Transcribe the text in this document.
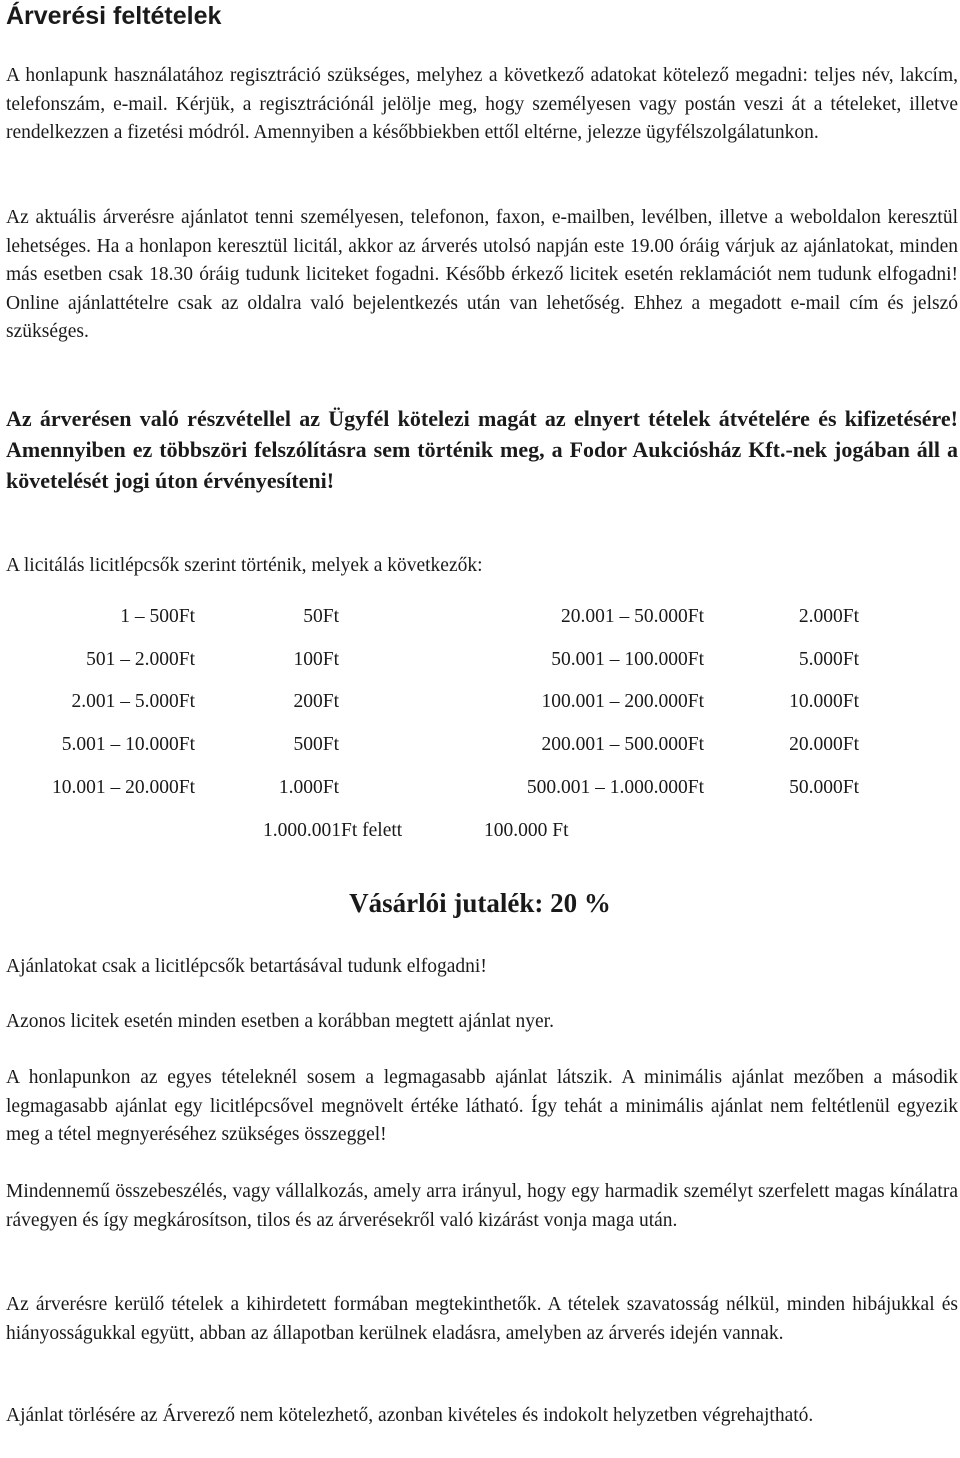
Árverési feltételek

A honlapunk használatához regisztráció szükséges, melyhez a következő adatokat kötelező megadni: teljes név, lakcím, telefonszám, e-mail. Kérjük, a regisztrációnál jelölje meg, hogy személyesen vagy postán veszi át a tételeket, illetve rendelkezzen a fizetési módról. Amennyiben a későbbiekben ettől eltérne, jelezze ügyfélszolgálatunkon.

Az aktuális árverésre ajánlatot tenni személyesen, telefonon, faxon, e-mailben, levélben, illetve a weboldalon keresztül lehetséges. Ha a honlapon keresztül licitál, akkor az árverés utolsó napján este 19.00 óráig várjuk az ajánlatokat, minden más esetben csak 18.30 óráig tudunk liciteket fogadni. Később érkező licitek esetén reklamációt nem tudunk elfogadni! Online ajánlattételre csak az oldalra való bejelentkezés után van lehetőség. Ehhez a megadott e-mail cím és jelszó szükséges.

Az árverésen való részvétellel az Ügyfél kötelezi magát az elnyert tételek átvételére és kifizetésére! Amennyiben ez többszöri felszólításra sem történik meg, a Fodor Aukciósház Kft.-nek jogában áll a követelését jogi úton érvényesíteni!

A licitálás licitlépcsők szerint történik, melyek a következők:

1 – 500Ft	50Ft	20.001 – 50.000Ft	2.000Ft
501 – 2.000Ft	100Ft	50.001 – 100.000Ft	5.000Ft
2.001 – 5.000Ft	200Ft	100.001 – 200.000Ft	10.000Ft
5.001 – 10.000Ft	500Ft	200.001 – 500.000Ft	20.000Ft
10.001 – 20.000Ft	1.000Ft	500.001 – 1.000.000Ft	50.000Ft
1.000.001Ft felett	100.000 Ft
Vásárlói jutalék: 20 %

Ajánlatokat csak a licitlépcsők betartásával tudunk elfogadni!

Azonos licitek esetén minden esetben a korábban megtett ajánlat nyer.

A honlapunkon az egyes tételeknél sosem a legmagasabb ajánlat látszik. A minimális ajánlat mezőben a második legmagasabb ajánlat egy licitlépcsővel megnövelt értéke látható. Így tehát a minimális ajánlat nem feltétlenül egyezik meg a tétel megnyeréséhez szükséges összeggel!

Mindennemű összebeszélés, vagy vállalkozás, amely arra irányul, hogy egy harmadik személyt szerfelett magas kínálatra rávegyen és így megkárosítson, tilos és az árverésekről való kizárást vonja maga után.

Az árverésre kerülő tételek a kihirdetett formában megtekinthetők. A tételek szavatosság nélkül, minden hibájukkal és hiányosságukkal együtt, abban az állapotban kerülnek eladásra, amelyben az árverés idején vannak.

Ajánlat törlésére az Árverező nem kötelezhető, azonban kivételes és indokolt helyzetben végrehajtható.
